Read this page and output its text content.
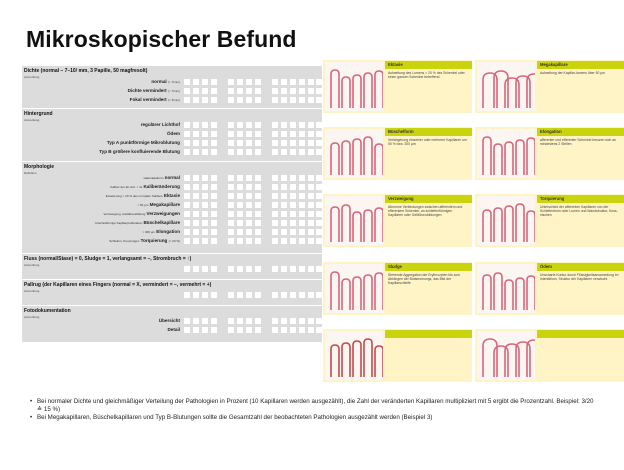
Mikroskopischer Befund
Dichte (normal – 7–10/ mm, 3 Papille, 50 magfresolt)
Anmerkung
normal (> 7/mm)
Dichte vermindert (< 7/mm)
Fokal vermindert (< 3/mm)
Hintergrund
Anmerkung
regulärer Lichthof
Ödem
Typ A punktförmige Mikroblutung
Typ B größere konfluierende Blutung
Morphologie
Definition
Haarnadelform normal
Kaliber der ab-/zuf. < 4x Kaliberänderung
Erweiterung > 20 % des normalen Kalibers Ektasie
> 50 µm Megakapillare
Verzweigung, Gefäßneubildung Verzweigungen
büschelförmige Kapillarproliferation Büschelkapillare
> 300 µm Elongation
Schleifen, Kreuzungen Torquierung (> 20 %)
Fluss (normal/Stase) = 0, Sludge = 1, verlangsamt = –, Strombruch = ↑)
Anmerkung
Pallrug (der Kapillaren eines Fingers (normal = X, vermindert = –, vermehrt = +)
Anmerkung
Fotodokumentation
Anmerkung
Übersicht
Detail
Ektasie
Aufweitung des Lumens > 20 % des Schenkel oder einen ganzen Schenkel betreffend.
Megakapillare
Aufweitung der Kapillar-lumens über 50 µm
Büschelform
Verlängerung einzelner oder mehrerer Kapillaren um 50 % bzw. 300 µm
Elongation
afferenter und efferenter Schenkel kreuzen sich an mindestens 2 Stellen
Verzweigung
Abnorme Verbindungen zwischen afferentem und efferentem Schenkel, an schleifenförmigen Kapillaren oder Gefäßneubildungen
Torquierung
Unterschied der afferenten Kapillaren von der Schleifenform oder Lumen und Wandstruktur, Kuss-nischen
Sludge
Stehende Aggregation der Erythrozyten bis zum Abklingen der Blutstromungs, das Bild der Kapillarschleife
Ödem
Unscharfe Kontur durch Flüssigkeitsansammlung im Interstitium, Struktur der Kapillaren verwischt
• Bei normaler Dichte und gleichmäßiger Verteilung der Pathologien in Prozent (10 Kapillaren werden ausgezählt), die Zahl der veränderten Kapillaren multipliziert mit 5 ergibt die Prozentzahl. Beispiel: 3/20 ≙ 15 %)
• Bei Megakapillaren, Büschelkapillaren und Typ B-Blutungen sollte die Gesamtzahl der beobachteten Pathologien ausgezählt werden (Beispiel 3)
